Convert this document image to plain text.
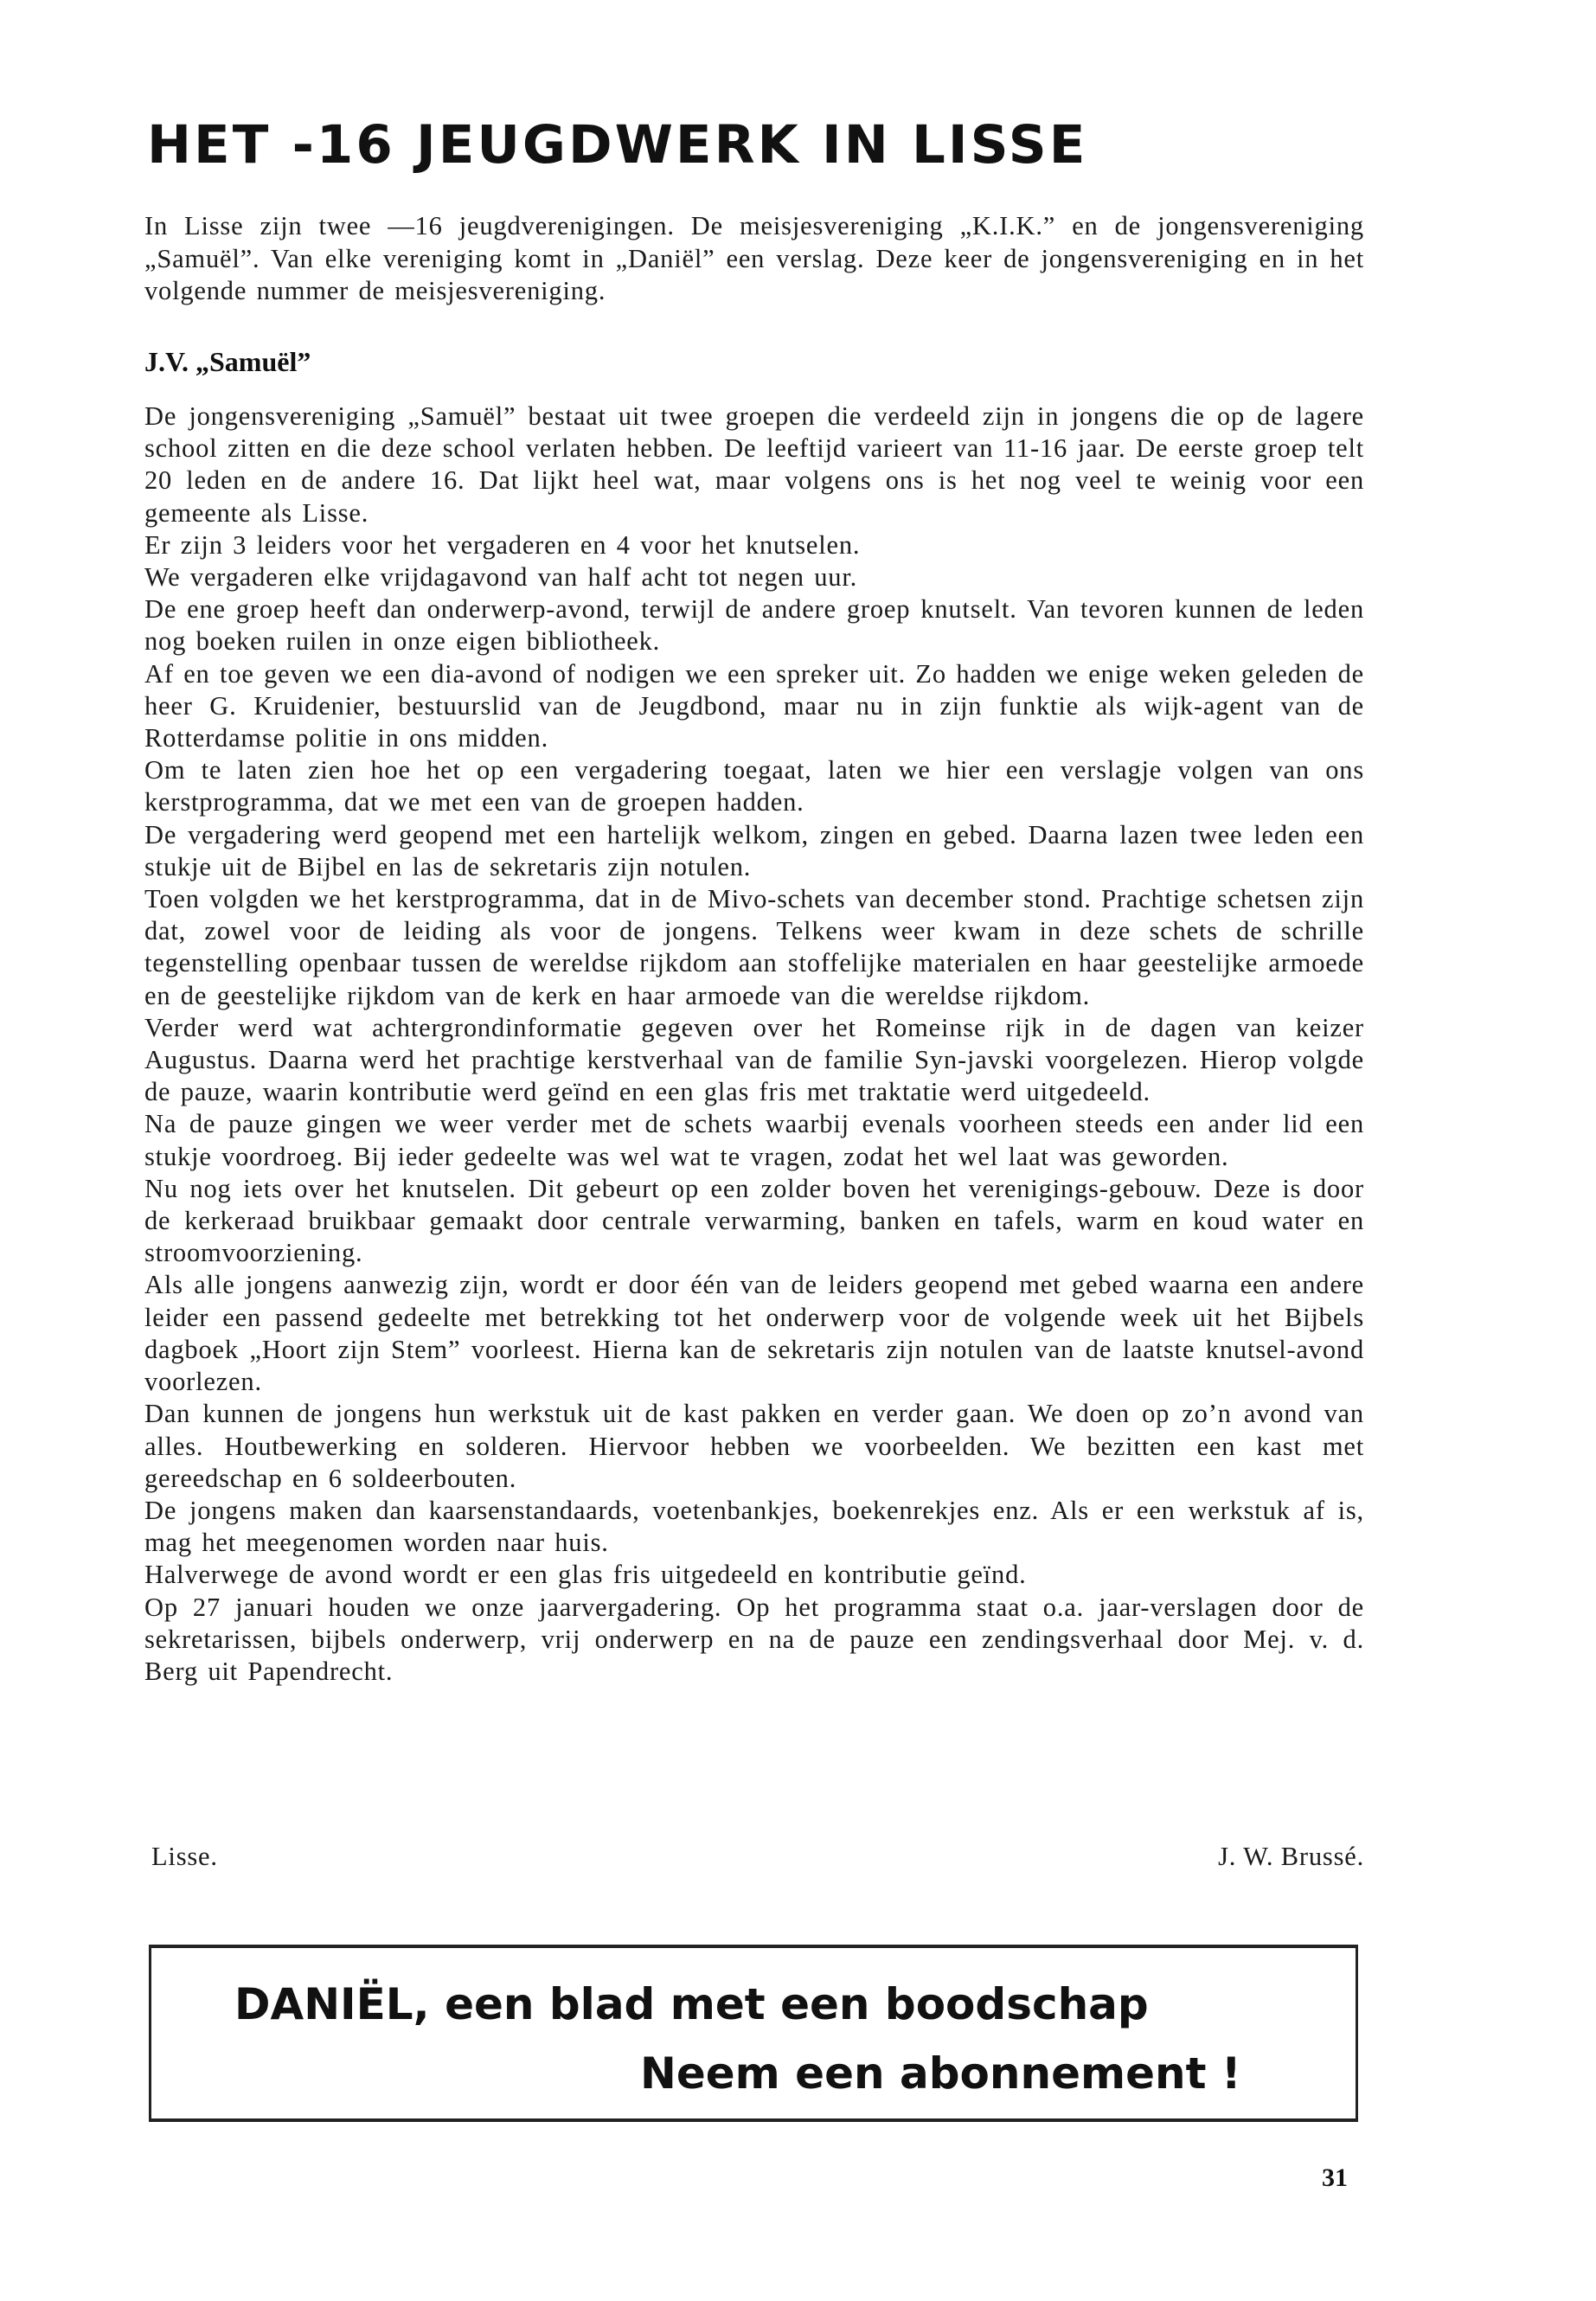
HET -16 JEUGDWERK IN LISSE

In Lisse zijn twee —16 jeugdverenigingen. De meisjesvereniging „K.I.K.” en de jongensvereniging „Samuël”. Van elke vereniging komt in „Daniël” een verslag. Deze keer de jongensvereniging en in het volgende nummer de meisjesvereniging.

J.V. „Samuël”

De jongensvereniging „Samuël” bestaat uit twee groepen die verdeeld zijn in jongens die op de lagere school zitten en die deze school verlaten hebben. De leeftijd varieert van 11-16 jaar. De eerste groep telt 20 leden en de andere 16. Dat lijkt heel wat, maar volgens ons is het nog veel te weinig voor een gemeente als Lisse.

Er zijn 3 leiders voor het vergaderen en 4 voor het knutselen.

We vergaderen elke vrijdagavond van half acht tot negen uur.

De ene groep heeft dan onderwerp-avond, terwijl de andere groep knutselt. Van tevoren kunnen de leden nog boeken ruilen in onze eigen bibliotheek.

Af en toe geven we een dia-avond of nodigen we een spreker uit. Zo hadden we enige weken geleden de heer G. Kruidenier, bestuurslid van de Jeugdbond, maar nu in zijn funktie als wijk-agent van de Rotterdamse politie in ons midden.

Om te laten zien hoe het op een vergadering toegaat, laten we hier een verslagje volgen van ons kerstprogramma, dat we met een van de groepen hadden.

De vergadering werd geopend met een hartelijk welkom, zingen en gebed. Daarna lazen twee leden een stukje uit de Bijbel en las de sekretaris zijn notulen.

Toen volgden we het kerstprogramma, dat in de Mivo-schets van december stond. Prachtige schetsen zijn dat, zowel voor de leiding als voor de jongens. Telkens weer kwam in deze schets de schrille tegenstelling openbaar tussen de wereldse rijkdom aan stoffelijke materialen en haar geestelijke armoede en de geestelijke rijkdom van de kerk en haar armoede van die wereldse rijkdom.

Verder werd wat achtergrondinformatie gegeven over het Romeinse rijk in de dagen van keizer Augustus. Daarna werd het prachtige kerstverhaal van de familie Syn-javski voorgelezen. Hierop volgde de pauze, waarin kontributie werd geïnd en een glas fris met traktatie werd uitgedeeld.

Na de pauze gingen we weer verder met de schets waarbij evenals voorheen steeds een ander lid een stukje voordroeg. Bij ieder gedeelte was wel wat te vragen, zodat het wel laat was geworden.

Nu nog iets over het knutselen. Dit gebeurt op een zolder boven het verenigings-gebouw. Deze is door de kerkeraad bruikbaar gemaakt door centrale verwarming, banken en tafels, warm en koud water en stroomvoorziening.

Als alle jongens aanwezig zijn, wordt er door één van de leiders geopend met gebed waarna een andere leider een passend gedeelte met betrekking tot het onderwerp voor de volgende week uit het Bijbels dagboek „Hoort zijn Stem” voorleest. Hierna kan de sekretaris zijn notulen van de laatste knutsel-avond voorlezen.

Dan kunnen de jongens hun werkstuk uit de kast pakken en verder gaan. We doen op zo’n avond van alles. Houtbewerking en solderen. Hiervoor hebben we voorbeelden. We bezitten een kast met gereedschap en 6 soldeerbouten.

De jongens maken dan kaarsenstandaards, voetenbankjes, boekenrekjes enz. Als er een werkstuk af is, mag het meegenomen worden naar huis.

Halverwege de avond wordt er een glas fris uitgedeeld en kontributie geïnd.

Op 27 januari houden we onze jaarvergadering. Op het programma staat o.a. jaar-verslagen door de sekretarissen, bijbels onderwerp, vrij onderwerp en na de pauze een zendingsverhaal door Mej. v. d. Berg uit Papendrecht.

Lisse.	J. W. Brussé.
DANIËL, een blad met een boodschap
Neem een abonnement !
31
